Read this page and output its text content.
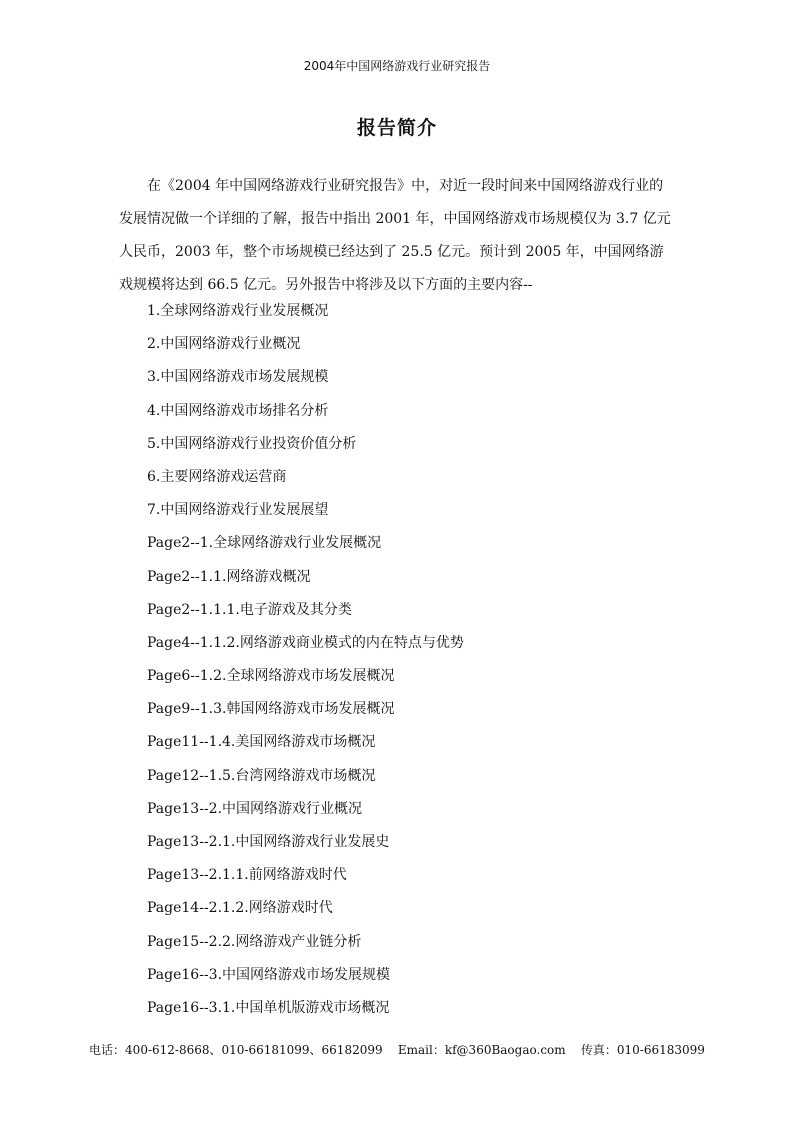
2004年中国网络游戏行业研究报告
报告简介

在《2004 年中国网络游戏行业研究报告》中，对近一段时间来中国网络游戏行业的发展情况做一个详细的了解，报告中指出 2001 年，中国网络游戏市场规模仅为 3.7 亿元人民币，2003 年，整个市场规模已经达到了 25.5 亿元。预计到 2005 年，中国网络游戏规模将达到 66.5 亿元。另外报告中将涉及以下方面的主要内容--

1.全球网络游戏行业发展概况
2.中国网络游戏行业概况
3.中国网络游戏市场发展规模
4.中国网络游戏市场排名分析
5.中国网络游戏行业投资价值分析
6.主要网络游戏运营商
7.中国网络游戏行业发展展望
Page2--1.全球网络游戏行业发展概况
Page2--1.1.网络游戏概况
Page2--1.1.1.电子游戏及其分类
Page4--1.1.2.网络游戏商业模式的内在特点与优势
Page6--1.2.全球网络游戏市场发展概况
Page9--1.3.韩国网络游戏市场发展概况
Page11--1.4.美国网络游戏市场概况
Page12--1.5.台湾网络游戏市场概况
Page13--2.中国网络游戏行业概况
Page13--2.1.中国网络游戏行业发展史
Page13--2.1.1.前网络游戏时代
Page14--2.1.2.网络游戏时代
Page15--2.2.网络游戏产业链分析
Page16--3.中国网络游戏市场发展规模
Page16--3.1.中国单机版游戏市场概况
电话：400-612-8668、010-66181099、66182099    Email：kf@360Baogao.com    传真：010-66183099
